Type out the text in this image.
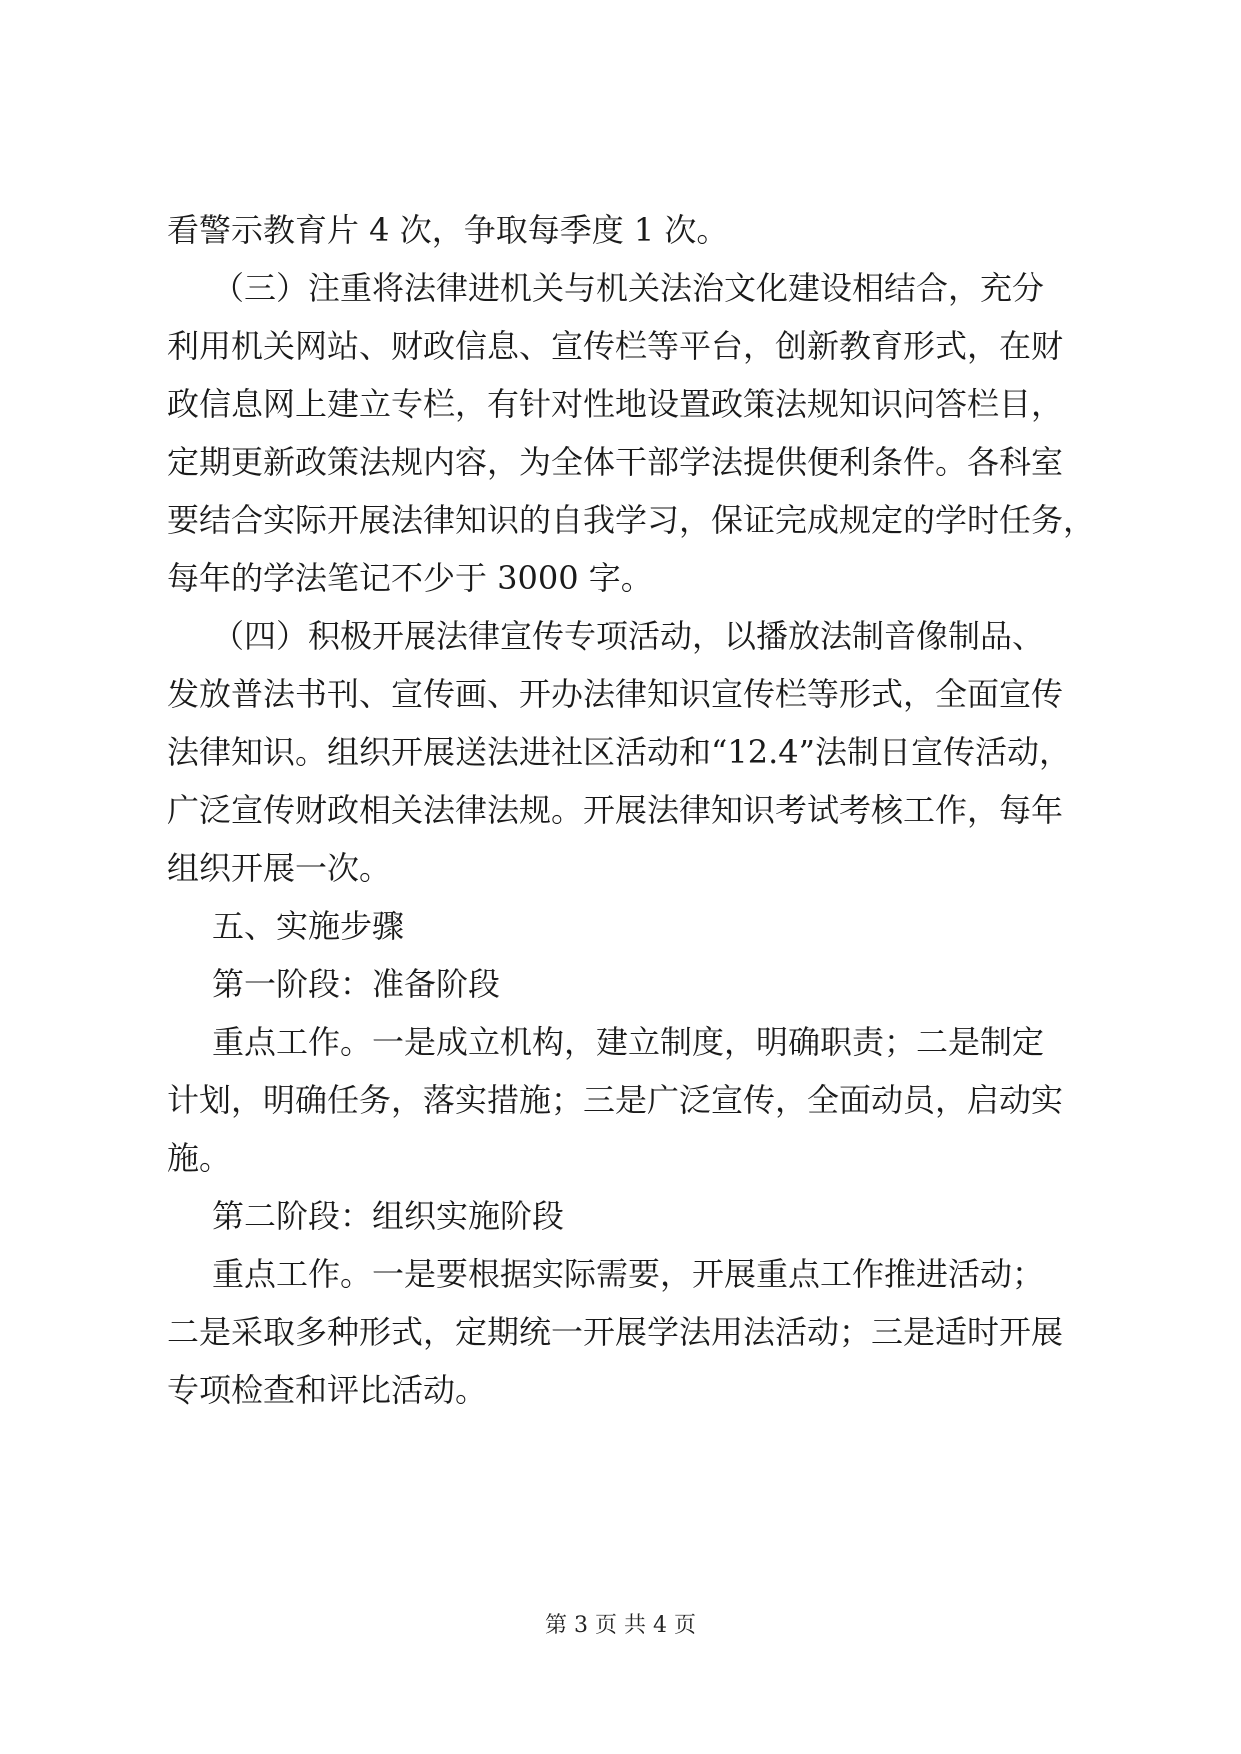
看警示教育片 4 次，争取每季度 1 次。
（三）注重将法律进机关与机关法治文化建设相结合，充分
利用机关网站、财政信息、宣传栏等平台，创新教育形式，在财
政信息网上建立专栏，有针对性地设置政策法规知识问答栏目，
定期更新政策法规内容，为全体干部学法提供便利条件。各科室
要结合实际开展法律知识的自我学习，保证完成规定的学时任务，
每年的学法笔记不少于 3000 字。
（四）积极开展法律宣传专项活动，以播放法制音像制品、
发放普法书刊、宣传画、开办法律知识宣传栏等形式，全面宣传
法律知识。组织开展送法进社区活动和“12.4”法制日宣传活动，
广泛宣传财政相关法律法规。开展法律知识考试考核工作，每年
组织开展一次。
五、实施步骤
第一阶段：准备阶段
重点工作。一是成立机构，建立制度，明确职责；二是制定
计划，明确任务，落实措施；三是广泛宣传，全面动员，启动实
施。
第二阶段：组织实施阶段
重点工作。一是要根据实际需要，开展重点工作推进活动；
二是采取多种形式，定期统一开展学法用法活动；三是适时开展
专项检查和评比活动。
第 3 页 共 4 页
